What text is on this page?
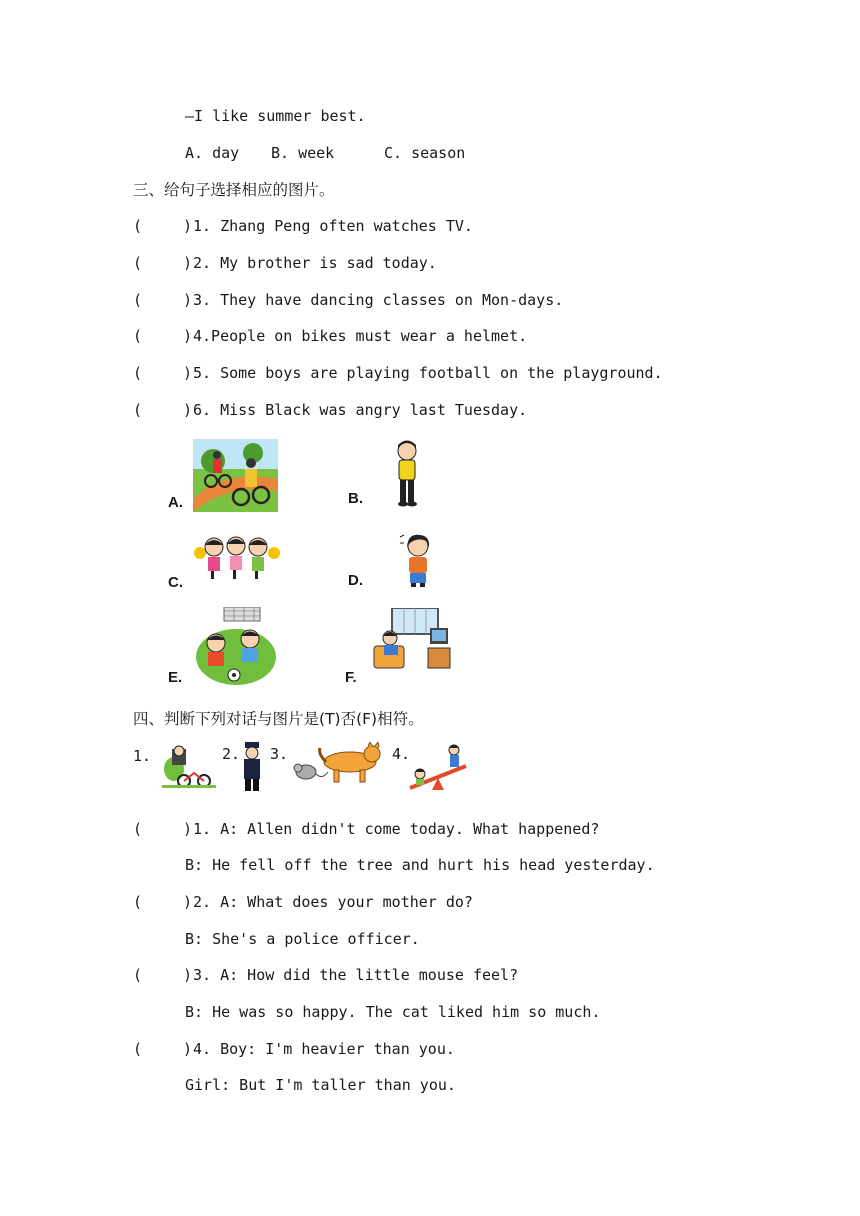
—I like summer best.
A. day B. week	C. season
三、给句子选择相应的图片。
(	) 1. Zhang Peng often watches TV.
(	) 2. My brother is sad today.
(	) 3. They have dancing classes on Mon-days.
(	) 4.People on bikes must wear a helmet.
(	) 5. Some boys are playing football on the playground.
(	) 6. Miss Black was angry last Tuesday.
A.	B.
C.	D.
E.	F.
四、判断下列对话与图片是(T)否(F)相符。
1.	2. 3.	4.
(	) 1. A: Allen didn't come today. What happened?
B: He fell off the tree and hurt his head yesterday.
(	) 2. A: What does your mother do?
B: She's a police officer.
(	) 3. A: How did the little mouse feel?
B: He was so happy. The cat liked him so much.
(	) 4. Boy: I'm heavier than you.
Girl: But I'm taller than you.
